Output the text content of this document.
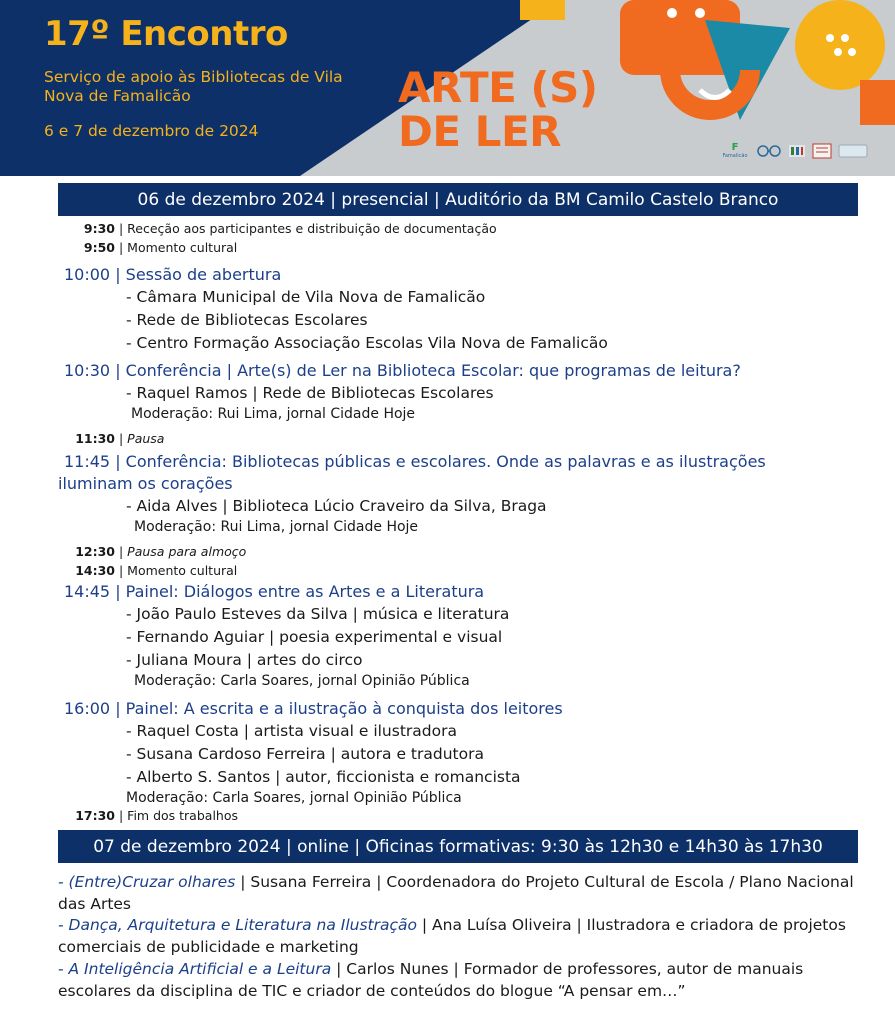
17º Encontro
Serviço de apoio às Bibliotecas de Vila Nova de Famalicão
6 e 7 de dezembro de 2024
ARTE (S)
DE LER	F
Famalicão
06 de dezembro 2024 | presencial | Auditório da BM Camilo Castelo Branco
9:30 | Receção aos participantes e distribuição de documentação
9:50 | Momento cultural
10:00 | Sessão de abertura
- Câmara Municipal de Vila Nova de Famalicão
- Rede de Bibliotecas Escolares
- Centro Formação Associação Escolas Vila Nova de Famalicão
10:30 | Conferência | Arte(s) de Ler na Biblioteca Escolar: que programas de leitura?
- Raquel Ramos | Rede de Bibliotecas Escolares
Moderação: Rui Lima, jornal Cidade Hoje
11:30 | Pausa
11:45 | Conferência: Bibliotecas públicas e escolares. Onde as palavras e as ilustrações
iluminam os corações
- Aida Alves | Biblioteca Lúcio Craveiro da Silva, Braga
Moderação: Rui Lima, jornal Cidade Hoje
12:30 | Pausa para almoço
14:30 | Momento cultural
14:45 | Painel: Diálogos entre as Artes e a Literatura
- João Paulo Esteves da Silva | música e literatura
- Fernando Aguiar | poesia experimental e visual
- Juliana Moura | artes do circo
Moderação: Carla Soares, jornal Opinião Pública
16:00 | Painel: A escrita e a ilustração à conquista dos leitores
- Raquel Costa | artista visual e ilustradora
- Susana Cardoso Ferreira | autora e tradutora
- Alberto S. Santos | autor, ficcionista e romancista
Moderação: Carla Soares, jornal Opinião Pública
17:30 | Fim dos trabalhos
07 de dezembro 2024 | online | Oficinas formativas: 9:30 às 12h30 e 14h30 às 17h30
- (Entre)Cruzar olhares | Susana Ferreira | Coordenadora do Projeto Cultural de Escola / Plano Nacional das Artes
- Dança, Arquitetura e Literatura na Ilustração | Ana Luísa Oliveira | Ilustradora e criadora de projetos comerciais de publicidade e marketing
- A Inteligência Artificial e a Leitura | Carlos Nunes | Formador de professores, autor de manuais escolares da disciplina de TIC e criador de conteúdos do blogue “A pensar em…”
